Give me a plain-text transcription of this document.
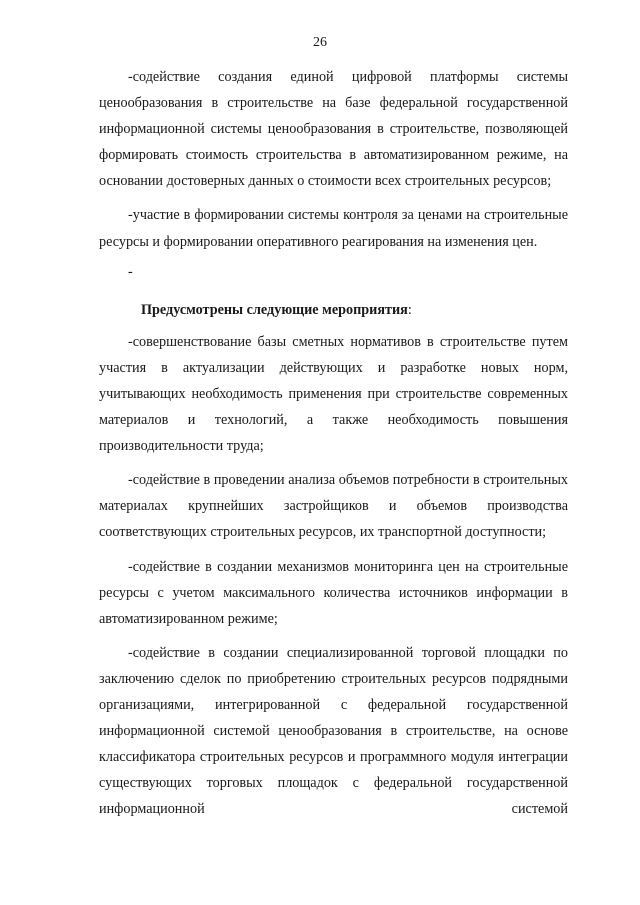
26

-содействие создания единой цифровой платформы системы ценообразования в строительстве на базе федеральной государственной информационной системы ценообразования в строительстве, позволяющей формировать стоимость строительства в автоматизированном режиме, на основании достоверных данных о стоимости всех строительных ресурсов;

-участие в формировании системы контроля за ценами на строительные ресурсы и формировании оперативного реагирования на изменения цен.

-

Предусмотрены следующие мероприятия:

-совершенствование базы сметных нормативов в строительстве путем участия в актуализации действующих и разработке новых норм, учитывающих необходимость применения при строительстве современных материалов и технологий, а также необходимость повышения производительности труда;

-содействие в проведении анализа объемов потребности в строительных материалах крупнейших застройщиков и объемов производства соответствующих строительных ресурсов, их транспортной доступности;

-содействие в создании механизмов мониторинга цен на строительные ресурсы с учетом максимального количества источников информации в автоматизированном режиме;

-содействие в создании специализированной торговой площадки по заключению сделок по приобретению строительных ресурсов подрядными организациями, интегрированной с федеральной государственной информационной системой ценообразования в строительстве, на основе классификатора строительных ресурсов и программного модуля интеграции существующих торговых площадок с федеральной государственной информационной системой
